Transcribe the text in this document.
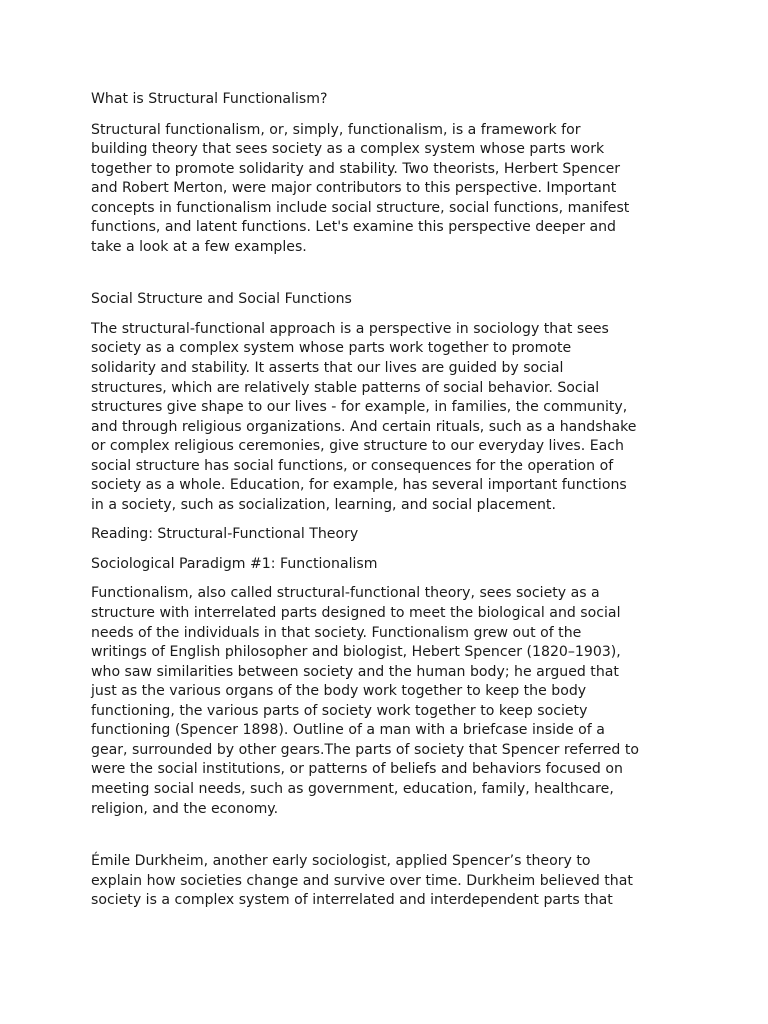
What is Structural Functionalism?
Structural functionalism, or, simply, functionalism, is a framework for
building theory that sees society as a complex system whose parts work
together to promote solidarity and stability. Two theorists, Herbert Spencer
and Robert Merton, were major contributors to this perspective. Important
concepts in functionalism include social structure, social functions, manifest
functions, and latent functions. Let's examine this perspective deeper and
take a look at a few examples.
Social Structure and Social Functions
The structural-functional approach is a perspective in sociology that sees
society as a complex system whose parts work together to promote
solidarity and stability. It asserts that our lives are guided by social
structures, which are relatively stable patterns of social behavior. Social
structures give shape to our lives - for example, in families, the community,
and through religious organizations. And certain rituals, such as a handshake
or complex religious ceremonies, give structure to our everyday lives. Each
social structure has social functions, or consequences for the operation of
society as a whole. Education, for example, has several important functions
in a society, such as socialization, learning, and social placement.
Reading: Structural-Functional Theory
Sociological Paradigm #1: Functionalism
Functionalism, also called structural-functional theory, sees society as a
structure with interrelated parts designed to meet the biological and social
needs of the individuals in that society. Functionalism grew out of the
writings of English philosopher and biologist, Hebert Spencer (1820–1903),
who saw similarities between society and the human body; he argued that
just as the various organs of the body work together to keep the body
functioning, the various parts of society work together to keep society
functioning (Spencer 1898). Outline of a man with a briefcase inside of a
gear, surrounded by other gears.The parts of society that Spencer referred to
were the social institutions, or patterns of beliefs and behaviors focused on
meeting social needs, such as government, education, family, healthcare,
religion, and the economy.
Émile Durkheim, another early sociologist, applied Spencer’s theory to
explain how societies change and survive over time. Durkheim believed that
society is a complex system of interrelated and interdependent parts that
